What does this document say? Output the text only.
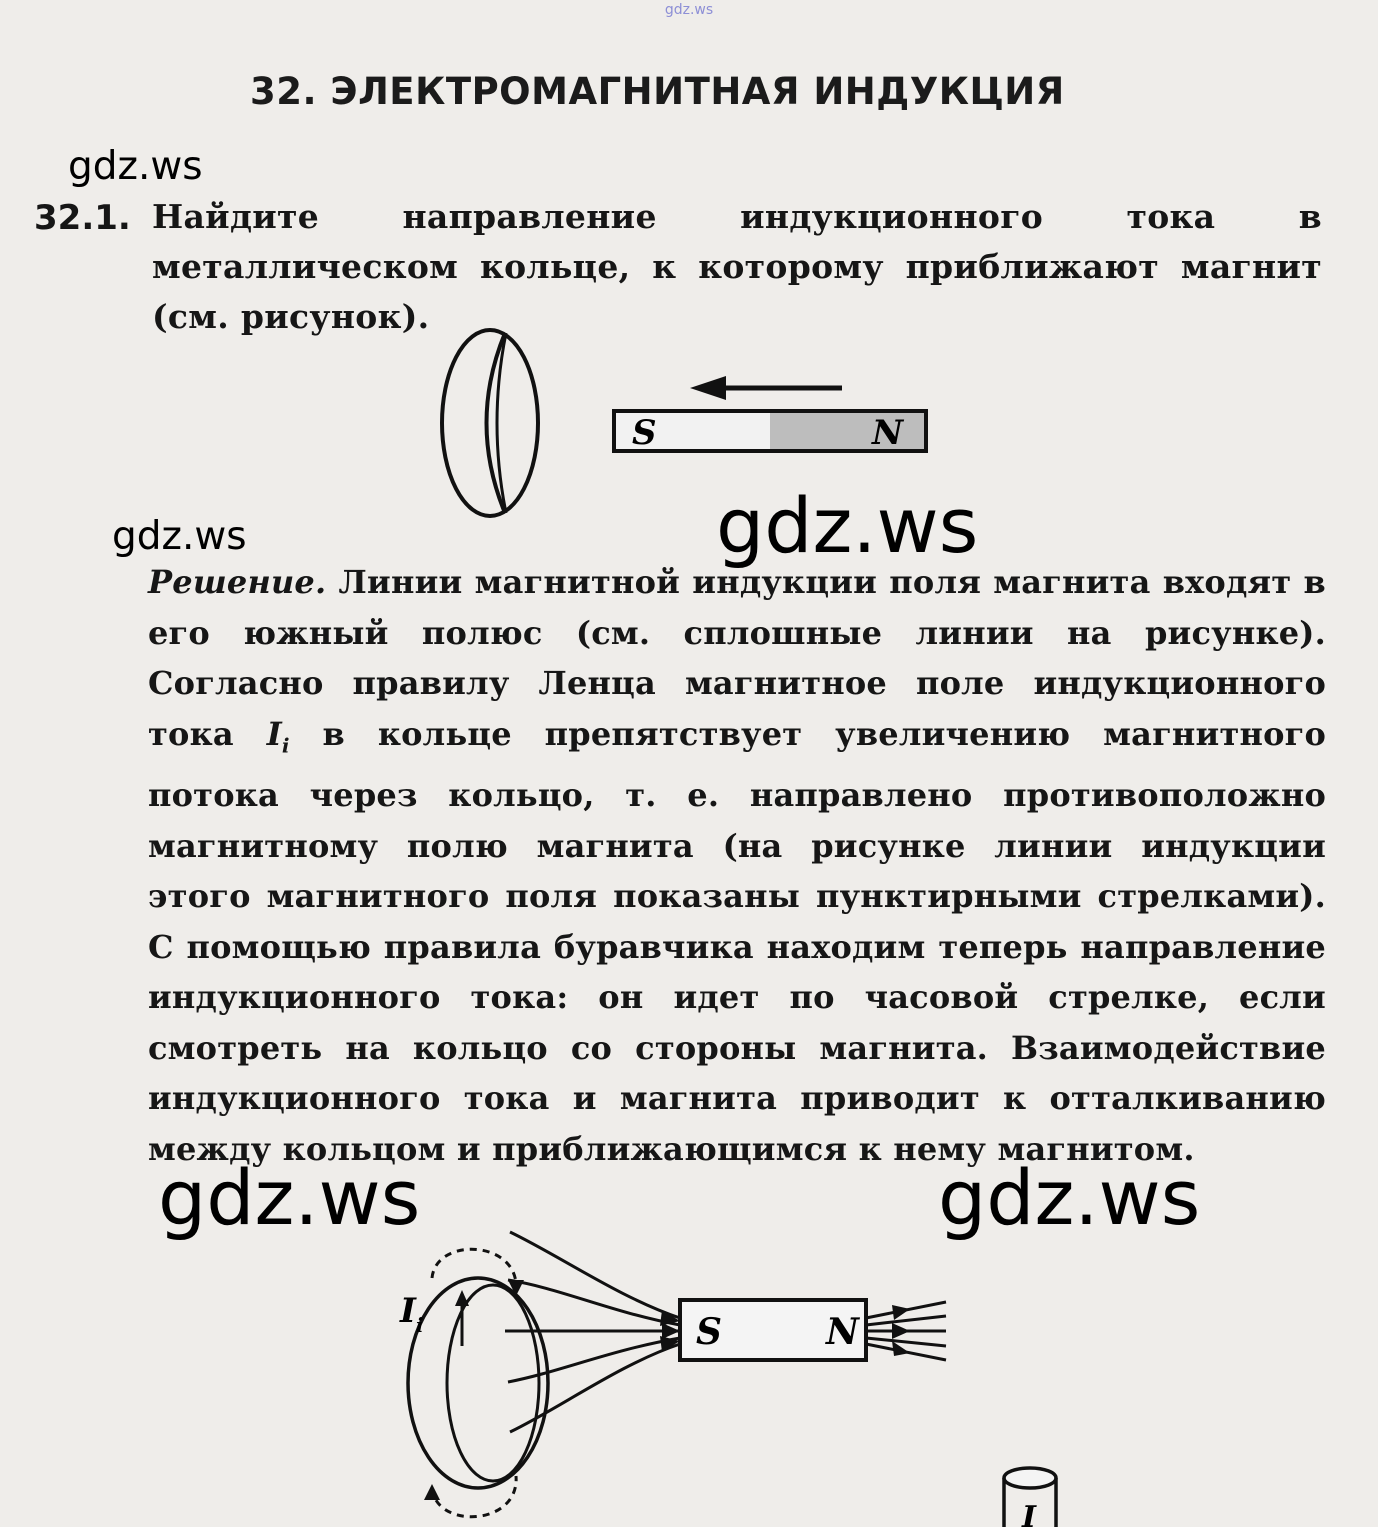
gdz.ws
32. ЭЛЕКТРОМАГНИТНАЯ ИНДУКЦИЯ
gdz.ws
gdz.ws	gdz.ws
gdz.ws	gdz.ws
32.1. Найдите направление индукционного тока в металлическом кольце, к которому приближают магнит (см. рисунок).
S	N
Решение. Линии магнитной индукции поля магнита входят в его южный полюс (см. сплошные линии на рисунке). Согласно правилу Ленца магнитное поле индукционного тока $I_i$ в кольце препятствует увеличению магнитного потока через кольцо, т. е. направлено противоположно магнитному полю магнита (на рисунке линии индукции этого магнитного поля показаны пунктирными стрелками). С помощью правила буравчика находим теперь направление индукционного тока: он идет по часовой стрелке, если смотреть на кольцо со стороны магнита. Взаимодействие индукционного тока и магнита приводит к отталкиванию между кольцом и приближающимся к нему магнитом.
$I_i$	S	N
I
